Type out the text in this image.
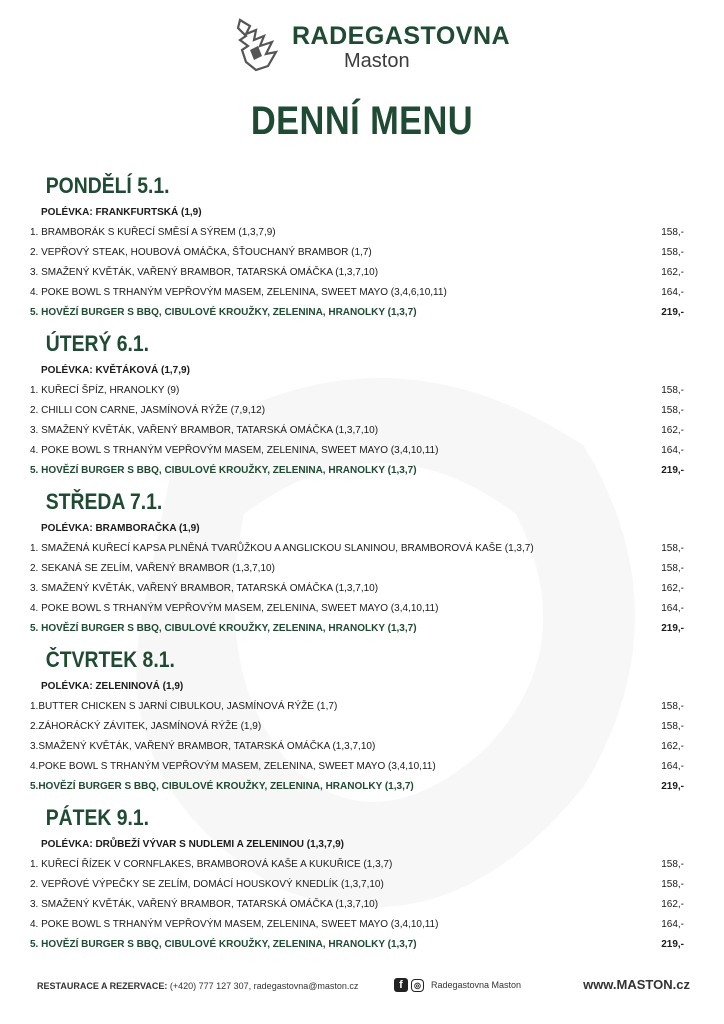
RADEGASTOVNA
Maston
DENNÍ MENU
PONDĚLÍ 5.1.
POLÉVKA: FRANKFURTSKÁ (1,9)
1. BRAMBORÁK S KUŘECÍ SMĚSÍ A SÝREM (1,3,7,9)	158,-
2. VEPŘOVÝ STEAK, HOUBOVÁ OMÁČKA, ŠŤOUCHANÝ BRAMBOR (1,7)	158,-
3. SMAŽENÝ KVĚTÁK, VAŘENÝ BRAMBOR, TATARSKÁ OMÁČKA (1,3,7,10)	162,-
4. POKE BOWL S TRHANÝM VEPŘOVÝM MASEM, ZELENINA, SWEET MAYO (3,4,6,10,11)	164,-
5. HOVĚZÍ BURGER S BBQ, CIBULOVÉ KROUŽKY, ZELENINA, HRANOLKY (1,3,7)	219,-
ÚTERÝ 6.1.
POLÉVKA: KVĚTÁKOVÁ (1,7,9)
1. KUŘECÍ ŠPÍZ, HRANOLKY (9)	158,-
2. CHILLI CON CARNE, JASMÍNOVÁ RÝŽE (7,9,12)	158,-
3. SMAŽENÝ KVĚTÁK, VAŘENÝ BRAMBOR, TATARSKÁ OMÁČKA (1,3,7,10)	162,-
4. POKE BOWL S TRHANÝM VEPŘOVÝM MASEM, ZELENINA, SWEET MAYO (3,4,10,11)	164,-
5. HOVĚZÍ BURGER S BBQ, CIBULOVÉ KROUŽKY, ZELENINA, HRANOLKY (1,3,7)	219,-
STŘEDA 7.1.
POLÉVKA: BRAMBORAČKA (1,9)
1. SMAŽENÁ KUŘECÍ KAPSA PLNĚNÁ TVARŮŽKOU A ANGLICKOU SLANINOU, BRAMBOROVÁ KAŠE (1,3,7)	158,-
2. SEKANÁ SE ZELÍM, VAŘENÝ BRAMBOR (1,3,7,10)	158,-
3. SMAŽENÝ KVĚTÁK, VAŘENÝ BRAMBOR, TATARSKÁ OMÁČKA (1,3,7,10)	162,-
4. POKE BOWL S TRHANÝM VEPŘOVÝM MASEM, ZELENINA, SWEET MAYO (3,4,10,11)	164,-
5. HOVĚZÍ BURGER S BBQ, CIBULOVÉ KROUŽKY, ZELENINA, HRANOLKY (1,3,7)	219,-
ČTVRTEK 8.1.
POLÉVKA: ZELENINOVÁ (1,9)
1.BUTTER CHICKEN S JARNÍ CIBULKOU, JASMÍNOVÁ RÝŽE (1,7)	158,-
2.ZÁHORÁCKÝ ZÁVITEK, JASMÍNOVÁ RÝŽE (1,9)	158,-
3.SMAŽENÝ KVĚTÁK, VAŘENÝ BRAMBOR, TATARSKÁ OMÁČKA (1,3,7,10)	162,-
4.POKE BOWL S TRHANÝM VEPŘOVÝM MASEM, ZELENINA, SWEET MAYO (3,4,10,11)	164,-
5.HOVĚZÍ BURGER S BBQ, CIBULOVÉ KROUŽKY, ZELENINA, HRANOLKY (1,3,7)	219,-
PÁTEK 9.1.
POLÉVKA: DRŮBEŽÍ VÝVAR S NUDLEMI A ZELENINOU (1,3,7,9)
1. KUŘECÍ ŘÍZEK V CORNFLAKES, BRAMBOROVÁ KAŠE A KUKUŘICE (1,3,7)	158,-
2. VEPŘOVÉ VÝPEČKY SE ZELÍM, DOMÁCÍ HOUSKOVÝ KNEDLÍK (1,3,7,10)	158,-
3. SMAŽENÝ KVĚTÁK, VAŘENÝ BRAMBOR, TATARSKÁ OMÁČKA (1,3,7,10)	162,-
4. POKE BOWL S TRHANÝM VEPŘOVÝM MASEM, ZELENINA, SWEET MAYO (3,4,10,11)	164,-
5. HOVĚZÍ BURGER S BBQ, CIBULOVÉ KROUŽKY, ZELENINA, HRANOLKY (1,3,7)	219,-
RESTAURACE A REZERVACE: (+420) 777 127 307, radegastovna@maston.cz	f ◎ Radegastovna Maston	www.MASTON.cz
